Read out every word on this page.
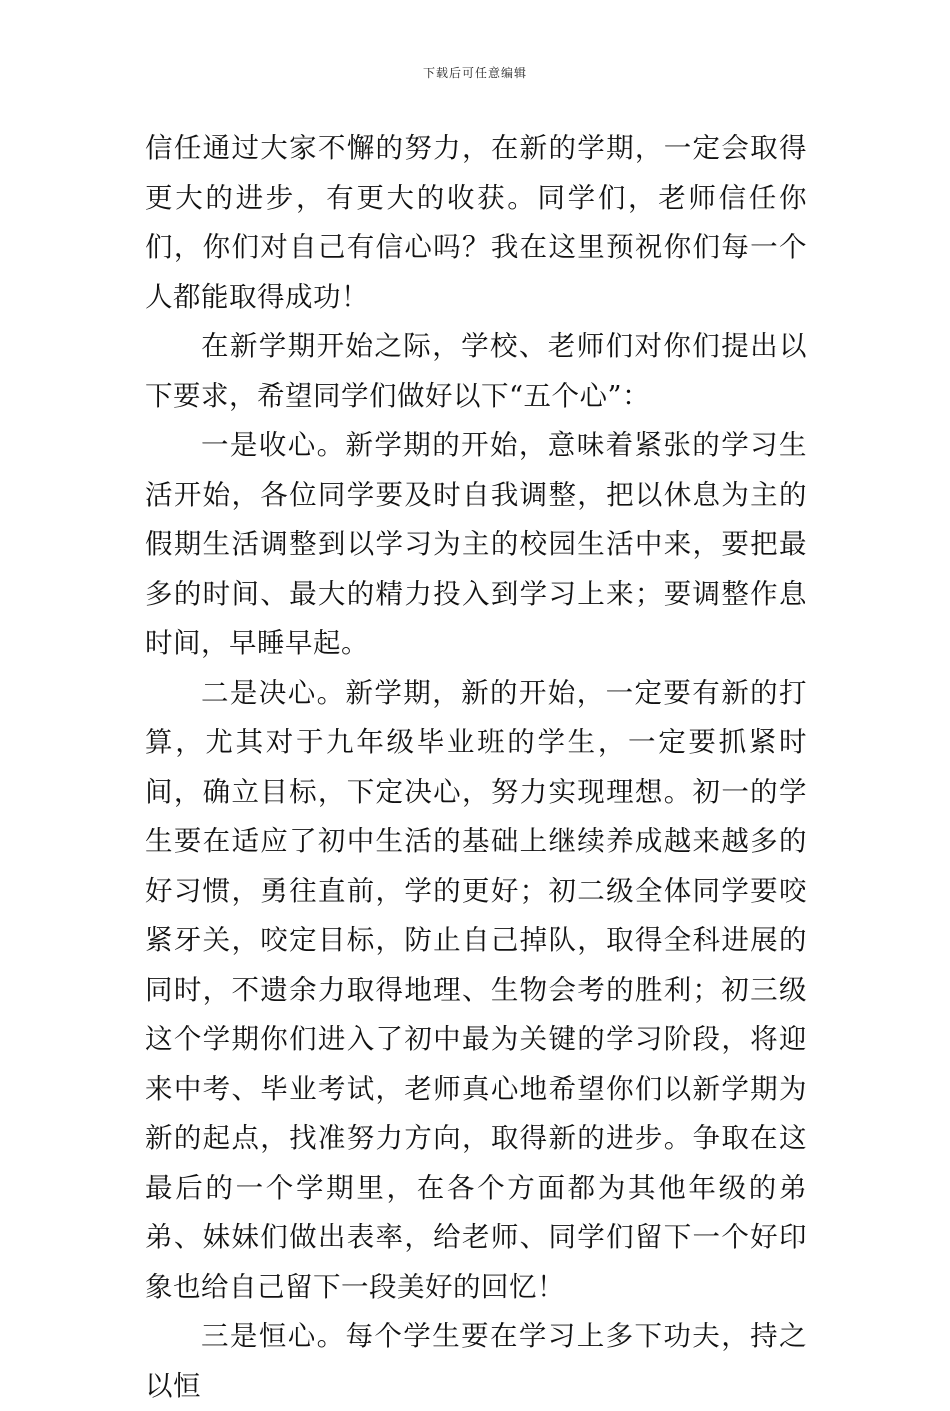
下载后可任意编辑

信任通过大家不懈的努力，在新的学期，一定会取得更大的进步，有更大的收获。同学们，老师信任你们，你们对自己有信心吗？我在这里预祝你们每一个人都能取得成功！

在新学期开始之际，学校、老师们对你们提出以下要求，希望同学们做好以下“五个心”：

一是收心。新学期的开始，意味着紧张的学习生活开始，各位同学要及时自我调整，把以休息为主的假期生活调整到以学习为主的校园生活中来，要把最多的时间、最大的精力投入到学习上来；要调整作息时间，早睡早起。

二是决心。新学期，新的开始，一定要有新的打算，尤其对于九年级毕业班的学生，一定要抓紧时间，确立目标，下定决心，努力实现理想。初一的学生要在适应了初中生活的基础上继续养成越来越多的好习惯，勇往直前，学的更好；初二级全体同学要咬紧牙关，咬定目标，防止自己掉队，取得全科进展的同时，不遗余力取得地理、生物会考的胜利；初三级这个学期你们进入了初中最为关键的学习阶段，将迎来中考、毕业考试，老师真心地希望你们以新学期为新的起点，找准努力方向，取得新的进步。争取在这最后的一个学期里，在各个方面都为其他年级的弟弟、妹妹们做出表率，给老师、同学们留下一个好印象也给自己留下一段美好的回忆！

三是恒心。每个学生要在学习上多下功夫，持之以恒
